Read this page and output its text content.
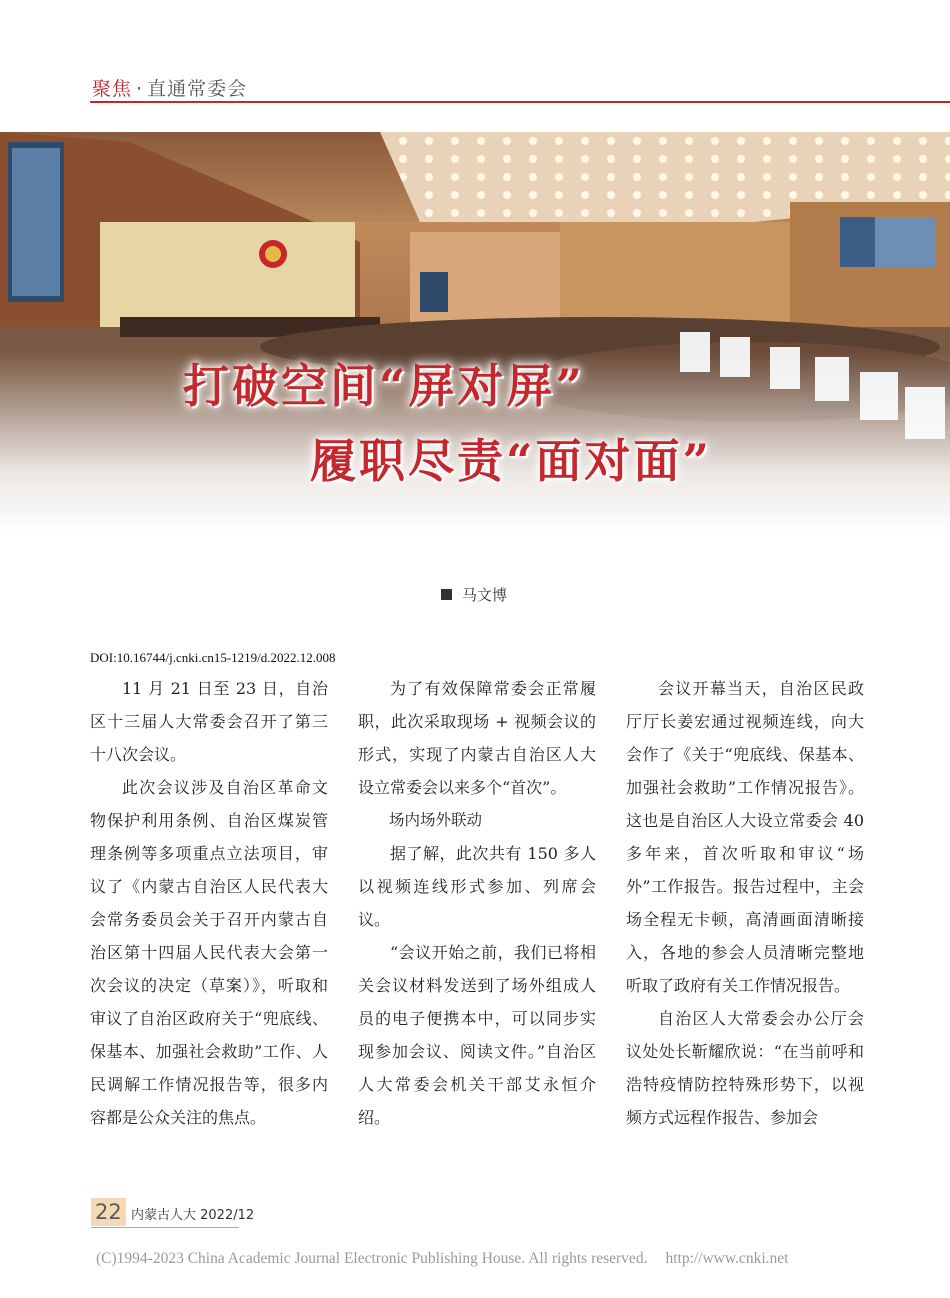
聚焦 · 直通常委会
打破空间“屏对屏”
履职尽责“面对面”
马文博
DOI:10.16744/j.cnki.cn15-1219/d.2022.12.008

11 月 21 日至 23 日，自治区十三届人大常委会召开了第三十八次会议。

此次会议涉及自治区革命文物保护利用条例、自治区煤炭管理条例等多项重点立法项目，审议了《内蒙古自治区人民代表大会常务委员会关于召开内蒙古自治区第十四届人民代表大会第一次会议的决定（草案）》，听取和审议了自治区政府关于“兜底线、保基本、加强社会救助”工作、人民调解工作情况报告等，很多内容都是公众关注的焦点。

为了有效保障常委会正常履职，此次采取现场 + 视频会议的形式，实现了内蒙古自治区人大设立常委会以来多个“首次”。

场内场外联动

据了解，此次共有 150 多人以视频连线形式参加、列席会议。

“会议开始之前，我们已将相关会议材料发送到了场外组成人员的电子便携本中，可以同步实现参加会议、阅读文件。”自治区人大常委会机关干部艾永恒介绍。

会议开幕当天，自治区民政厅厅长姜宏通过视频连线，向大会作了《关于“兜底线、保基本、加强社会救助”工作情况报告》。这也是自治区人大设立常委会 40 多年来，首次听取和审议“场外”工作报告。报告过程中，主会场全程无卡顿，高清画面清晰接入，各地的参会人员清晰完整地听取了政府有关工作情况报告。

自治区人大常委会办公厅会议处处长靳耀欣说：“在当前呼和浩特疫情防控特殊形势下，以视频方式远程作报告、参加会

22 内蒙古人大 2022/12
(C)1994-2023 China Academic Journal Electronic Publishing House. All rights reserved. http://www.cnki.net
